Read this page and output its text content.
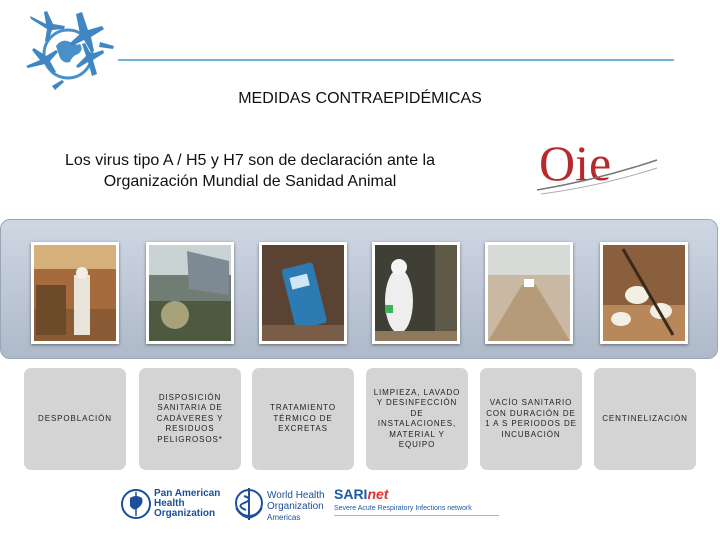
MEDIDAS CONTRAEPIDÉMICAS
Los virus tipo A / H5 y H7 son de declaración ante la Organización Mundial de Sanidad Animal	Oie
DESPOBLACIÓN
DISPOSICIÓN SANITARIA DE CADÁVERES Y RESIDUOS PELIGROSOS*
TRATAMIENTO TÉRMICO DE EXCRETAS
LIMPIEZA, LAVADO Y DESINFECCIÓN DE INSTALACIONES, MATERIAL Y EQUIPO
VACÍO SANITARIO CON DURACIÓN DE 1 A S PERIODOS DE INCUBACIÓN
CENTINELIZACIÓN
Pan American Health Organization
World Health Organization
Americas
SARInet
Severe Acute Respiratory Infections network
